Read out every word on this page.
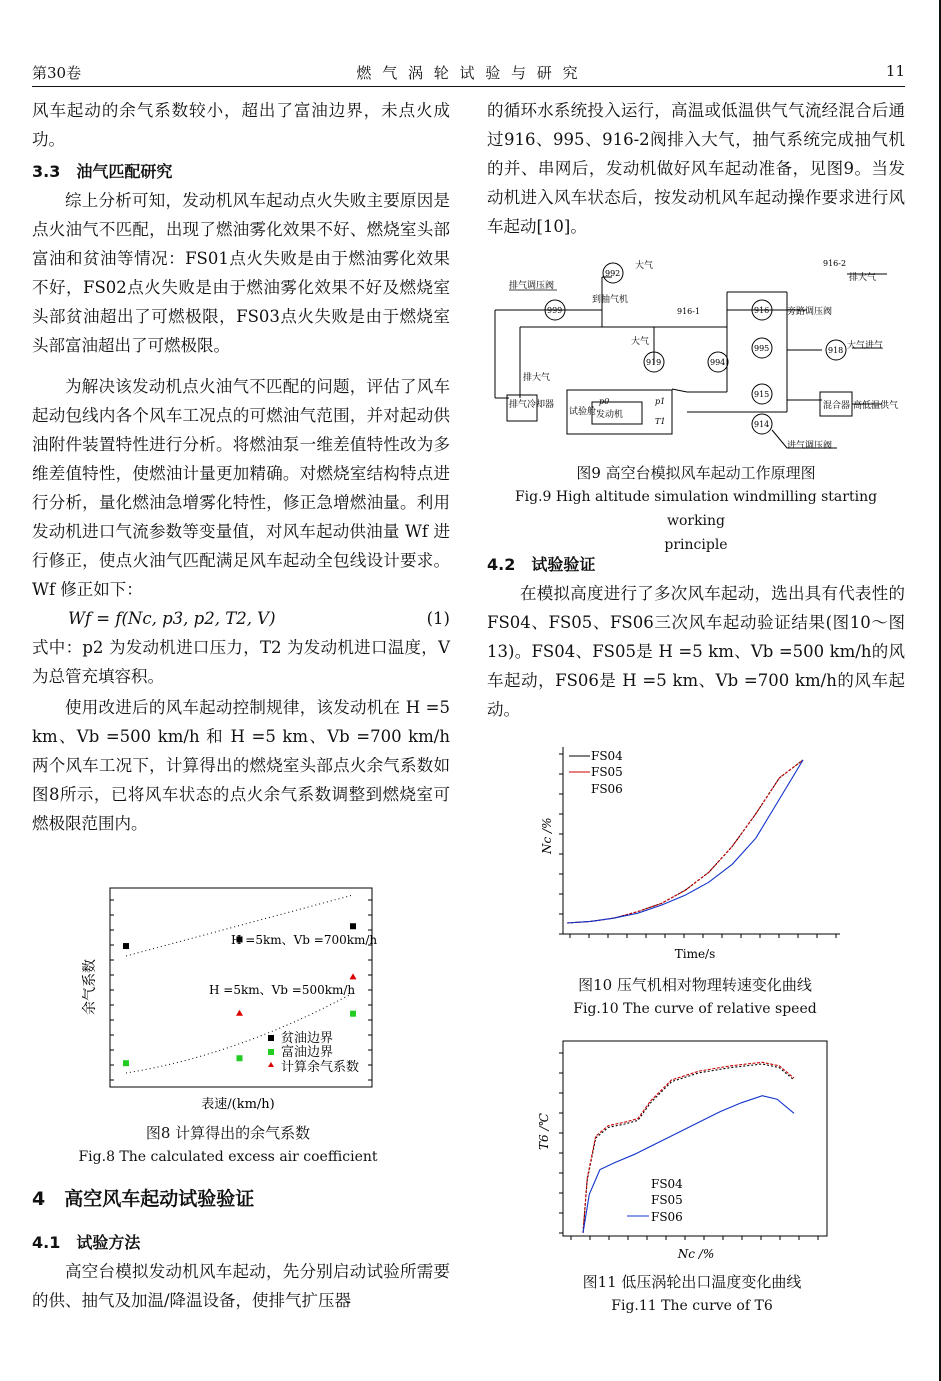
第30卷	燃 气 涡 轮 试 验 与 研 究	11

风车起动的余气系数较小，超出了富油边界，未点火成功。

3.3　油气匹配研究

综上分析可知，发动机风车起动点火失败主要原因是点火油气不匹配，出现了燃油雾化效果不好、燃烧室头部富油和贫油等情况：FS01点火失败是由于燃油雾化效果不好，FS02点火失败是由于燃油雾化效果不好及燃烧室头部贫油超出了可燃极限，FS03点火失败是由于燃烧室头部富油超出了可燃极限。

为解决该发动机点火油气不匹配的问题，评估了风车起动包线内各个风车工况点的可燃油气范围，并对起动供油附件装置特性进行分析。将燃油泵一维差值特性改为多维差值特性，使燃油计量更加精确。对燃烧室结构特点进行分析，量化燃油急增雾化特性，修正急增燃油量。利用发动机进口气流参数等变量值，对风车起动供油量 Wf 进行修正，使点火油气匹配满足风车起动全包线设计要求。Wf 修正如下：

Wf = f(Nc, p3, p2, T2, V)	(1)

式中：p2 为发动机进口压力，T2 为发动机进口温度，V 为总管充填容积。

使用改进后的风车起动控制规律，该发动机在 H =5 km、Vb =500 km/h 和 H =5 km、Vb =700 km/h 两个风车工况下，计算得出的燃烧室头部点火余气系数如图8所示，已将风车状态的点火余气系数调整到燃烧室可燃极限范围内。

H =5km、Vb =700km/h
H =5km、Vb =500km/h
贫油边界
富油边界
计算余气系数
余气系数
表速/(km/h)
图8 计算得出的余气系数
Fig.8 The calculated excess air coefficient

4　高空风车起动试验验证

4.1　试验方法

高空台模拟发动机风车起动，先分别启动试验所需要的供、抽气及加温/降温设备，使排气扩压器

的循环水系统投入运行，高温或低温供气气流经混合后通过916、995、916-2阀排入大气，抽气系统完成抽气机的并、串网后，发动机做好风车起动准备，见图9。当发动机进入风车状态后，按发动机风车起动操作要求进行风车起动[10]。

排气调压阀
到抽气机
大气
大气
排大气
旁路调压阀
大气进气
排大气
排气冷却器
试验舱 发动机
混合器 高低温供气
进气调压阀
p0	p1
T1
992
999	916-1
916-2
916
995	918
919	994
915
914
图9 高空台模拟风车起动工作原理图
Fig.9 High altitude simulation windmilling starting working
principle

4.2　试验验证

在模拟高度进行了多次风车起动，选出具有代表性的FS04、FS05、FS06三次风车起动验证结果(图10～图13)。FS04、FS05是 H =5 km、Vb =500 km/h的风车起动，FS06是 H =5 km、Vb =700 km/h的风车起动。

FS04
FS05
FS06
Nc /%
Time/s
图10 压气机相对物理转速变化曲线
Fig.10 The curve of relative speed
FS04
FS05
FS06
T6 /℃
Nc /%
图11 低压涡轮出口温度变化曲线
Fig.11 The curve of T6
